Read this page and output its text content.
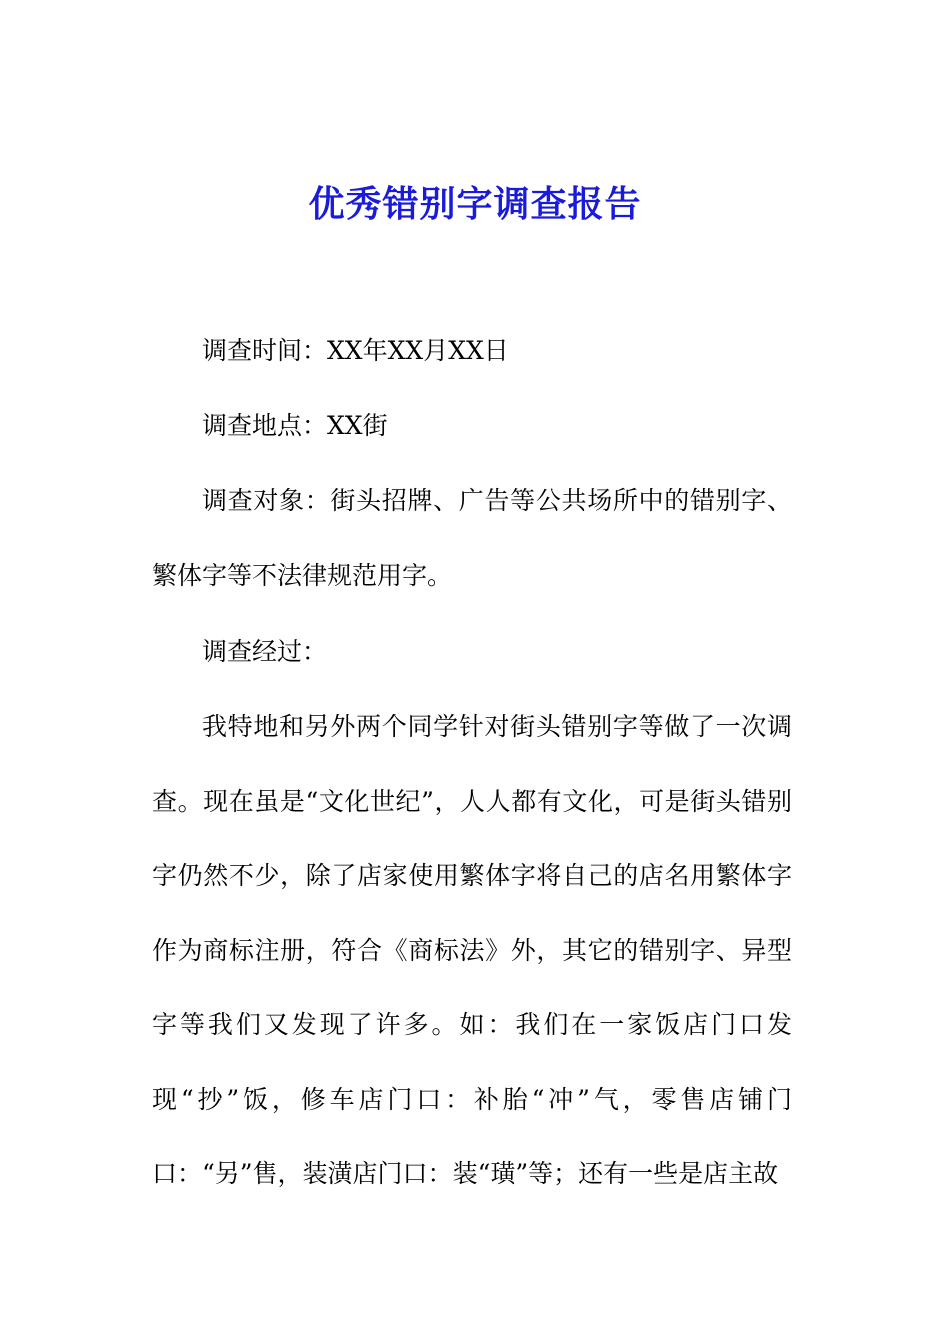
优秀错别字调查报告

调查时间：XX年XX月XX日

调查地点：XX街

调查对象：街头招牌、广告等公共场所中的错别字、繁体字等不法律规范用字。

调查经过：

我特地和另外两个同学针对街头错别字等做了一次调查。现在虽是“文化世纪”，人人都有文化，可是街头错别字仍然不少，除了店家使用繁体字将自己的店名用繁体字作为商标注册，符合《商标法》外，其它的错别字、异型字等我们又发现了许多。如：我们在一家饭店门口发现“抄”饭，修车店门口：补胎“冲”气，零售店铺门口：“另”售，装潢店门口：装“璜”等；还有一些是店主故
